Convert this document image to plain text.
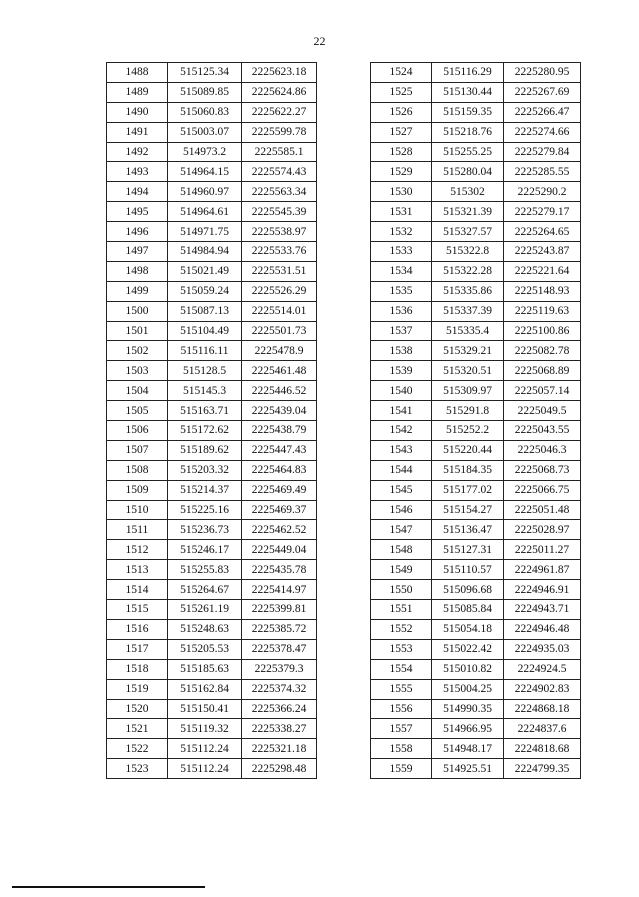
22
1488	515125.34	2225623.18
1489	515089.85	2225624.86
1490	515060.83	2225622.27
1491	515003.07	2225599.78
1492	514973.2	2225585.1
1493	514964.15	2225574.43
1494	514960.97	2225563.34
1495	514964.61	2225545.39
1496	514971.75	2225538.97
1497	514984.94	2225533.76
1498	515021.49	2225531.51
1499	515059.24	2225526.29
1500	515087.13	2225514.01
1501	515104.49	2225501.73
1502	515116.11	2225478.9
1503	515128.5	2225461.48
1504	515145.3	2225446.52
1505	515163.71	2225439.04
1506	515172.62	2225438.79
1507	515189.62	2225447.43
1508	515203.32	2225464.83
1509	515214.37	2225469.49
1510	515225.16	2225469.37
1511	515236.73	2225462.52
1512	515246.17	2225449.04
1513	515255.83	2225435.78
1514	515264.67	2225414.97
1515	515261.19	2225399.81
1516	515248.63	2225385.72
1517	515205.53	2225378.47
1518	515185.63	2225379.3
1519	515162.84	2225374.32
1520	515150.41	2225366.24
1521	515119.32	2225338.27
1522	515112.24	2225321.18
1523	515112.24	2225298.48
1524	515116.29	2225280.95
1525	515130.44	2225267.69
1526	515159.35	2225266.47
1527	515218.76	2225274.66
1528	515255.25	2225279.84
1529	515280.04	2225285.55
1530	515302	2225290.2
1531	515321.39	2225279.17
1532	515327.57	2225264.65
1533	515322.8	2225243.87
1534	515322.28	2225221.64
1535	515335.86	2225148.93
1536	515337.39	2225119.63
1537	515335.4	2225100.86
1538	515329.21	2225082.78
1539	515320.51	2225068.89
1540	515309.97	2225057.14
1541	515291.8	2225049.5
1542	515252.2	2225043.55
1543	515220.44	2225046.3
1544	515184.35	2225068.73
1545	515177.02	2225066.75
1546	515154.27	2225051.48
1547	515136.47	2225028.97
1548	515127.31	2225011.27
1549	515110.57	2224961.87
1550	515096.68	2224946.91
1551	515085.84	2224943.71
1552	515054.18	2224946.48
1553	515022.42	2224935.03
1554	515010.82	2224924.5
1555	515004.25	2224902.83
1556	514990.35	2224868.18
1557	514966.95	2224837.6
1558	514948.17	2224818.68
1559	514925.51	2224799.35
